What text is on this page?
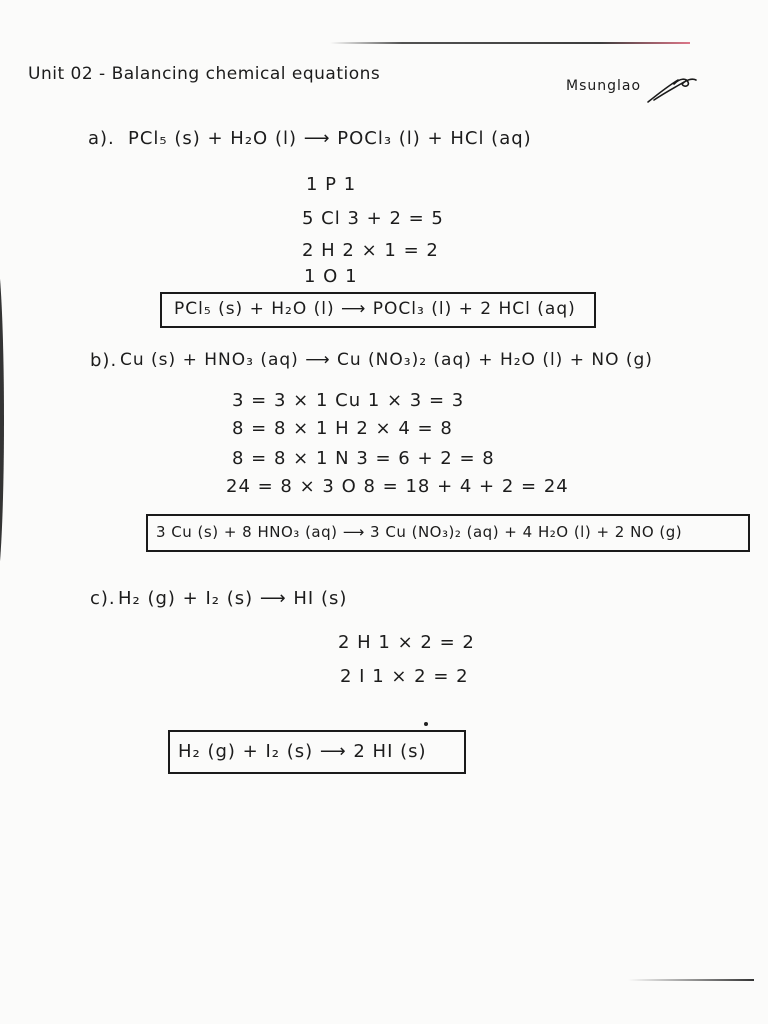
Unit 02 - Balancing chemical equations
Msunglao
a). PCl₅ (s) + H₂O (l) ⟶ POCl₃ (l) + HCl (aq)
1 P 1
5 Cl 3 + 2 = 5
2 H 2 × 1 = 2
1 O 1
PCl₅ (s) + H₂O (l) ⟶ POCl₃ (l) + 2 HCl (aq)
b). Cu (s) + HNO₃ (aq) ⟶ Cu (NO₃)₂ (aq) + H₂O (l) + NO (g)
3 = 3 × 1 Cu 1 × 3 = 3
8 = 8 × 1 H 2 × 4 = 8
8 = 8 × 1 N 3 = 6 + 2 = 8
24 = 8 × 3 O 8 = 18 + 4 + 2 = 24
3 Cu (s) + 8 HNO₃ (aq) ⟶ 3 Cu (NO₃)₂ (aq) + 4 H₂O (l) + 2 NO (g)
c). H₂ (g) + I₂ (s) ⟶ HI (s)
2 H 1 × 2 = 2
2 I 1 × 2 = 2
H₂ (g) + I₂ (s) ⟶ 2 HI (s)
